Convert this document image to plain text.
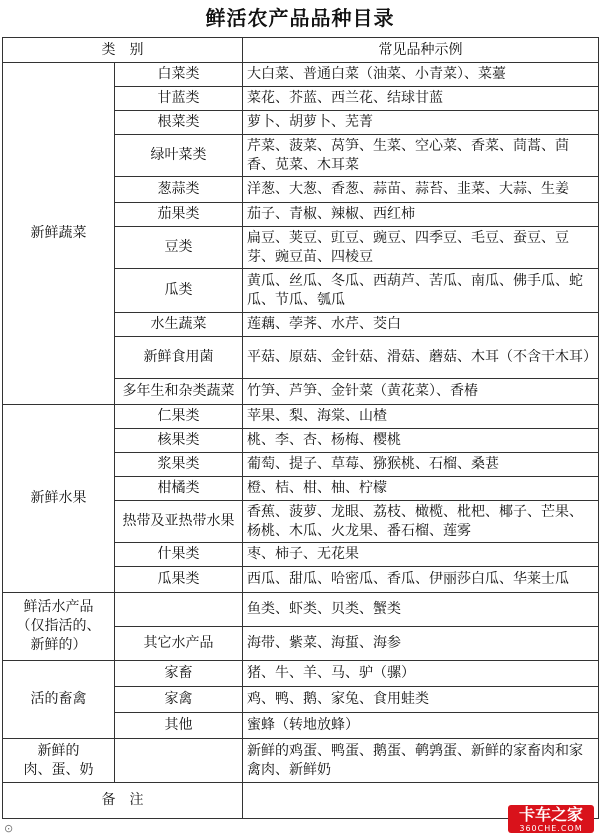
鲜活农产品品种目录
类　别		常见品种示例
新鲜蔬菜	白菜类	大白菜、普通白菜（油菜、小青菜）、菜薹
	甘蓝类	菜花、芥蓝、西兰花、结球甘蓝
	根菜类	萝卜、胡萝卜、芜菁
	绿叶菜类	芹菜、菠菜、莴笋、生菜、空心菜、香菜、茼蒿、茴香、苋菜、木耳菜
	葱蒜类	洋葱、大葱、香葱、蒜苗、蒜苔、韭菜、大蒜、生姜
	茄果类	茄子、青椒、辣椒、西红柿
	豆类	扁豆、荚豆、豇豆、豌豆、四季豆、毛豆、蚕豆、豆芽、豌豆苗、四棱豆
	瓜类	黄瓜、丝瓜、冬瓜、西葫芦、苦瓜、南瓜、佛手瓜、蛇瓜、节瓜、瓠瓜
	水生蔬菜	莲藕、荸荠、水芹、茭白
	新鲜食用菌	平菇、原菇、金针菇、滑菇、蘑菇、木耳（不含干木耳）
	多年生和杂类蔬菜	竹笋、芦笋、金针菜（黄花菜）、香椿
新鲜水果	仁果类	苹果、梨、海棠、山楂
	核果类	桃、李、杏、杨梅、樱桃
	浆果类	葡萄、提子、草莓、猕猴桃、石榴、桑葚
	柑橘类	橙、桔、柑、柚、柠檬
	热带及亚热带水果	香蕉、菠萝、龙眼、荔枝、橄榄、枇杷、椰子、芒果、杨桃、木瓜、火龙果、番石榴、莲雾
	什果类	枣、柿子、无花果
	瓜果类	西瓜、甜瓜、哈密瓜、香瓜、伊丽莎白瓜、华莱士瓜
鲜活水产品
（仅指活的、
新鲜的）		鱼类、虾类、贝类、蟹类
	其它水产品	海带、紫菜、海蜇、海参
活的畜禽	家畜	猪、牛、羊、马、驴（骡）
	家禽	鸡、鸭、鹅、家兔、食用蛙类
	其他	蜜蜂（转地放蜂）
新鲜的
肉、蛋、奶		新鲜的鸡蛋、鸭蛋、鹅蛋、鹌鹑蛋、新鲜的家畜肉和家禽肉、新鲜奶
备　注		
⊙
卡车之家
360CHE.COM
